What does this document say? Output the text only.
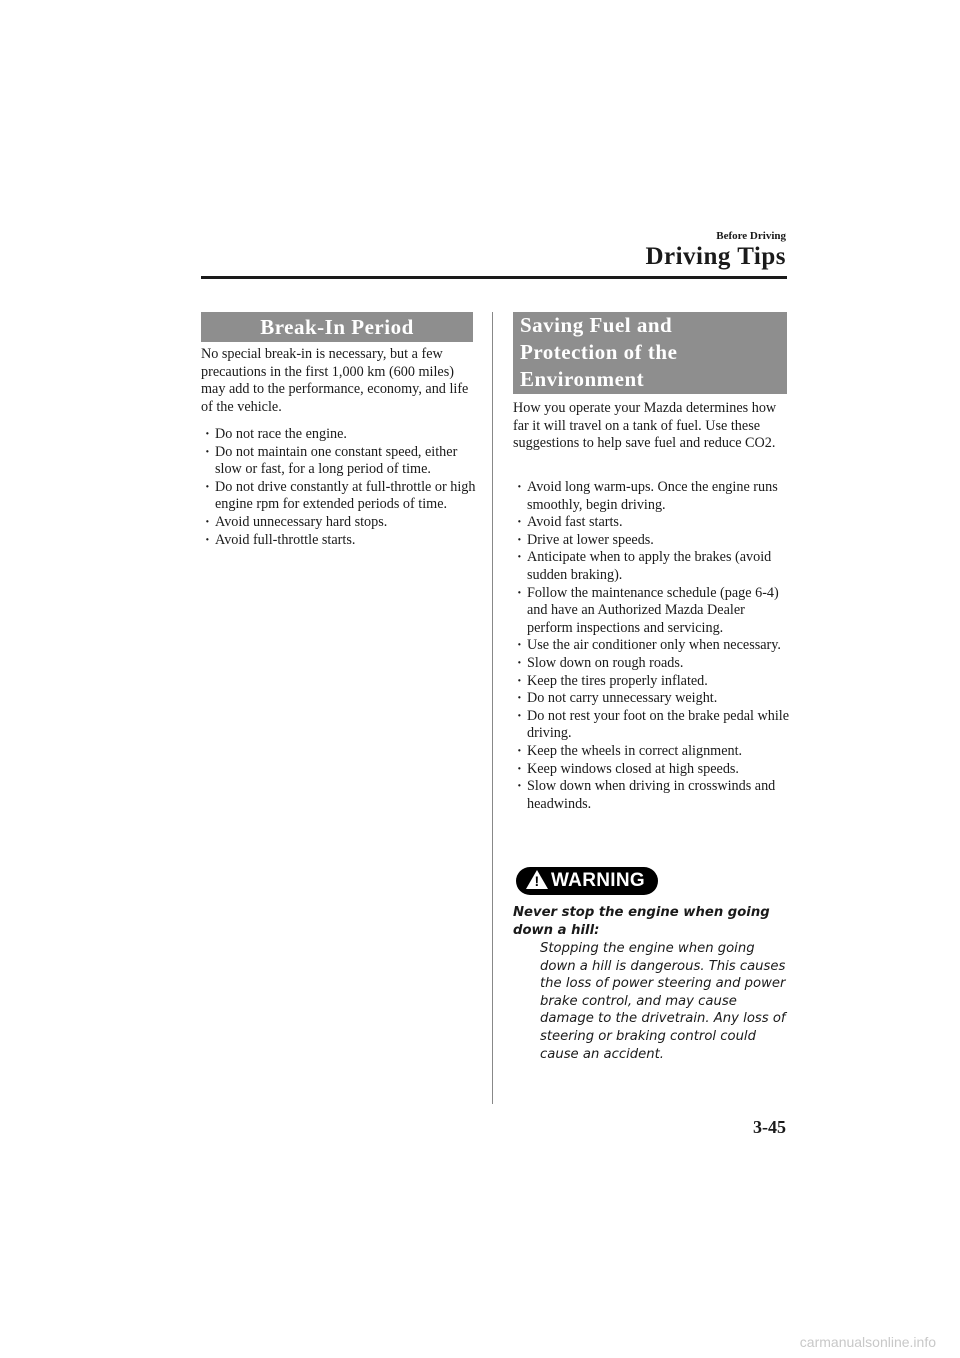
Before Driving
Driving Tips
Break-In Period
No special break-in is necessary, but a few precautions in the first 1,000 km (600 miles) may add to the performance, economy, and life of the vehicle.
· Do not race the engine.
· Do not maintain one constant speed, either slow or fast, for a long period of time.
· Do not drive constantly at full-throttle or high engine rpm for extended periods of time.
· Avoid unnecessary hard stops.
· Avoid full-throttle starts.
Saving Fuel and
Protection of the
Environment
How you operate your Mazda determines how far it will travel on a tank of fuel. Use these suggestions to help save fuel and reduce CO2.
· Avoid long warm-ups. Once the engine runs smoothly, begin driving.
· Avoid fast starts.
· Drive at lower speeds.
· Anticipate when to apply the brakes (avoid sudden braking).
· Follow the maintenance schedule (page 6-4) and have an Authorized Mazda Dealer perform inspections and servicing.
· Use the air conditioner only when necessary.
· Slow down on rough roads.
· Keep the tires properly inflated.
· Do not carry unnecessary weight.
· Do not rest your foot on the brake pedal while driving.
· Keep the wheels in correct alignment.
· Keep windows closed at high speeds.
· Slow down when driving in crosswinds and headwinds.
! WARNING
Never stop the engine when going down a hill:
Stopping the engine when going down a hill is dangerous. This causes the loss of power steering and power brake control, and may cause damage to the drivetrain. Any loss of steering or braking control could cause an accident.
3-45
carmanualsonline.info
